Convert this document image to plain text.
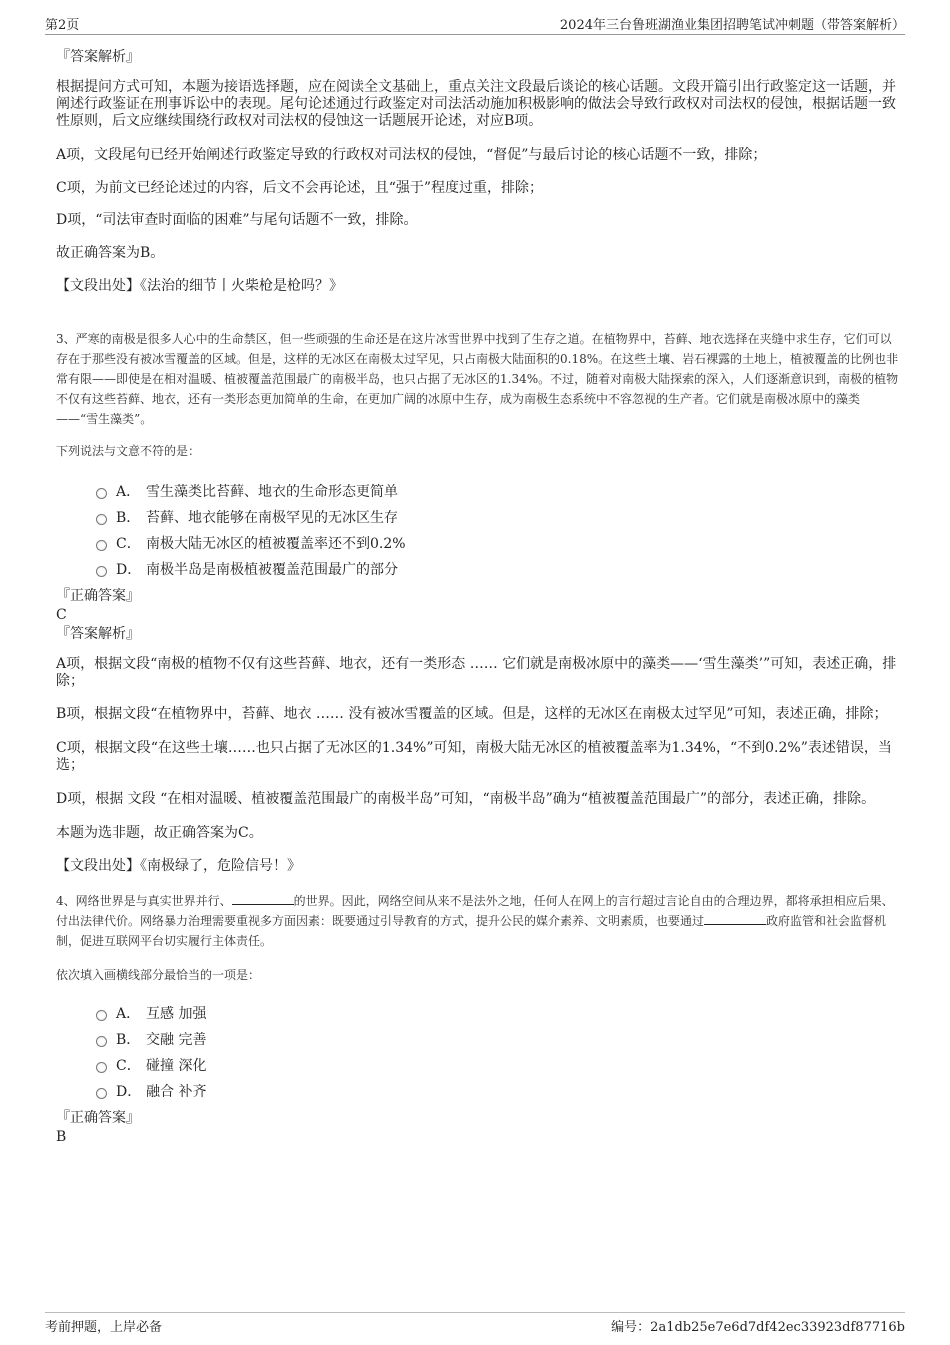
第2页	2024年三台鲁班湖渔业集团招聘笔试冲刺题（带答案解析）

『答案解析』

根据提问方式可知，本题为接语选择题，应在阅读全文基础上，重点关注文段最后谈论的核心话题。文段开篇引出行政鉴定这一话题，并阐述行政鉴证在刑事诉讼中的表现。尾句论述通过行政鉴定对司法活动施加积极影响的做法会导致行政权对司法权的侵蚀，根据话题一致性原则，后文应继续围绕行政权对司法权的侵蚀这一话题展开论述，对应B项。

A项，文段尾句已经开始阐述行政鉴定导致的行政权对司法权的侵蚀，“督促”与最后讨论的核心话题不一致，排除；

C项，为前文已经论述过的内容，后文不会再论述，且“强于”程度过重，排除；

D项，“司法审查时面临的困难”与尾句话题不一致，排除。

故正确答案为B。

【文段出处】《法治的细节丨火柴枪是枪吗？》

3、严寒的南极是很多人心中的生命禁区，但一些顽强的生命还是在这片冰雪世界中找到了生存之道。在植物界中，苔藓、地衣选择在夹缝中求生存，它们可以存在于那些没有被冰雪覆盖的区域。但是，这样的无冰区在南极太过罕见，只占南极大陆面积的0.18%。在这些土壤、岩石裸露的土地上，植被覆盖的比例也非常有限——即使是在相对温暖、植被覆盖范围最广的南极半岛，也只占据了无冰区的1.34%。不过，随着对南极大陆探索的深入，人们逐渐意识到，南极的植物不仅有这些苔藓、地衣，还有一类形态更加简单的生命，在更加广阔的冰原中生存，成为南极生态系统中不容忽视的生产者。它们就是南极冰原中的藻类——“雪生藻类”。

下列说法与文意不符的是：

A． 雪生藻类比苔藓、地衣的生命形态更简单
B． 苔藓、地衣能够在南极罕见的无冰区生存
C． 南极大陆无冰区的植被覆盖率还不到0.2%
D． 南极半岛是南极植被覆盖范围最广的部分

『正确答案』

C

『答案解析』

A项，根据文段“南极的植物不仅有这些苔藓、地衣，还有一类形态 …… 它们就是南极冰原中的藻类——‘雪生藻类’”可知，表述正确，排除；

B项，根据文段“在植物界中，苔藓、地衣 …… 没有被冰雪覆盖的区域。但是，这样的无冰区在南极太过罕见”可知，表述正确，排除；

C项，根据文段“在这些土壤……也只占据了无冰区的1.34%”可知，南极大陆无冰区的植被覆盖率为1.34%，“不到0.2%”表述错误，当选；

D项，根据 文段 “在相对温暖、植被覆盖范围最广的南极半岛”可知，“南极半岛”确为“植被覆盖范围最广”的部分，表述正确，排除。

本题为选非题，故正确答案为C。

【文段出处】《南极绿了，危险信号！》

4、网络世界是与真实世界并行、	的世界。因此，网络空间从来不是法外之地，任何人在网上的言行超过言论自由的合理边界，都将承担相应后果、付出法律代价。网络暴力治理需要重视多方面因素：既要通过引导教育的方式，提升公民的媒介素养、文明素质，也要通过	政府监管和社会监督机制，促进互联网平台切实履行主体责任。

依次填入画横线部分最恰当的一项是：

A． 互感 加强
B． 交融 完善
C． 碰撞 深化
D． 融合 补齐

『正确答案』

B

考前押题，上岸必备	编号：2a1db25e7e6d7df42ec33923df87716b
